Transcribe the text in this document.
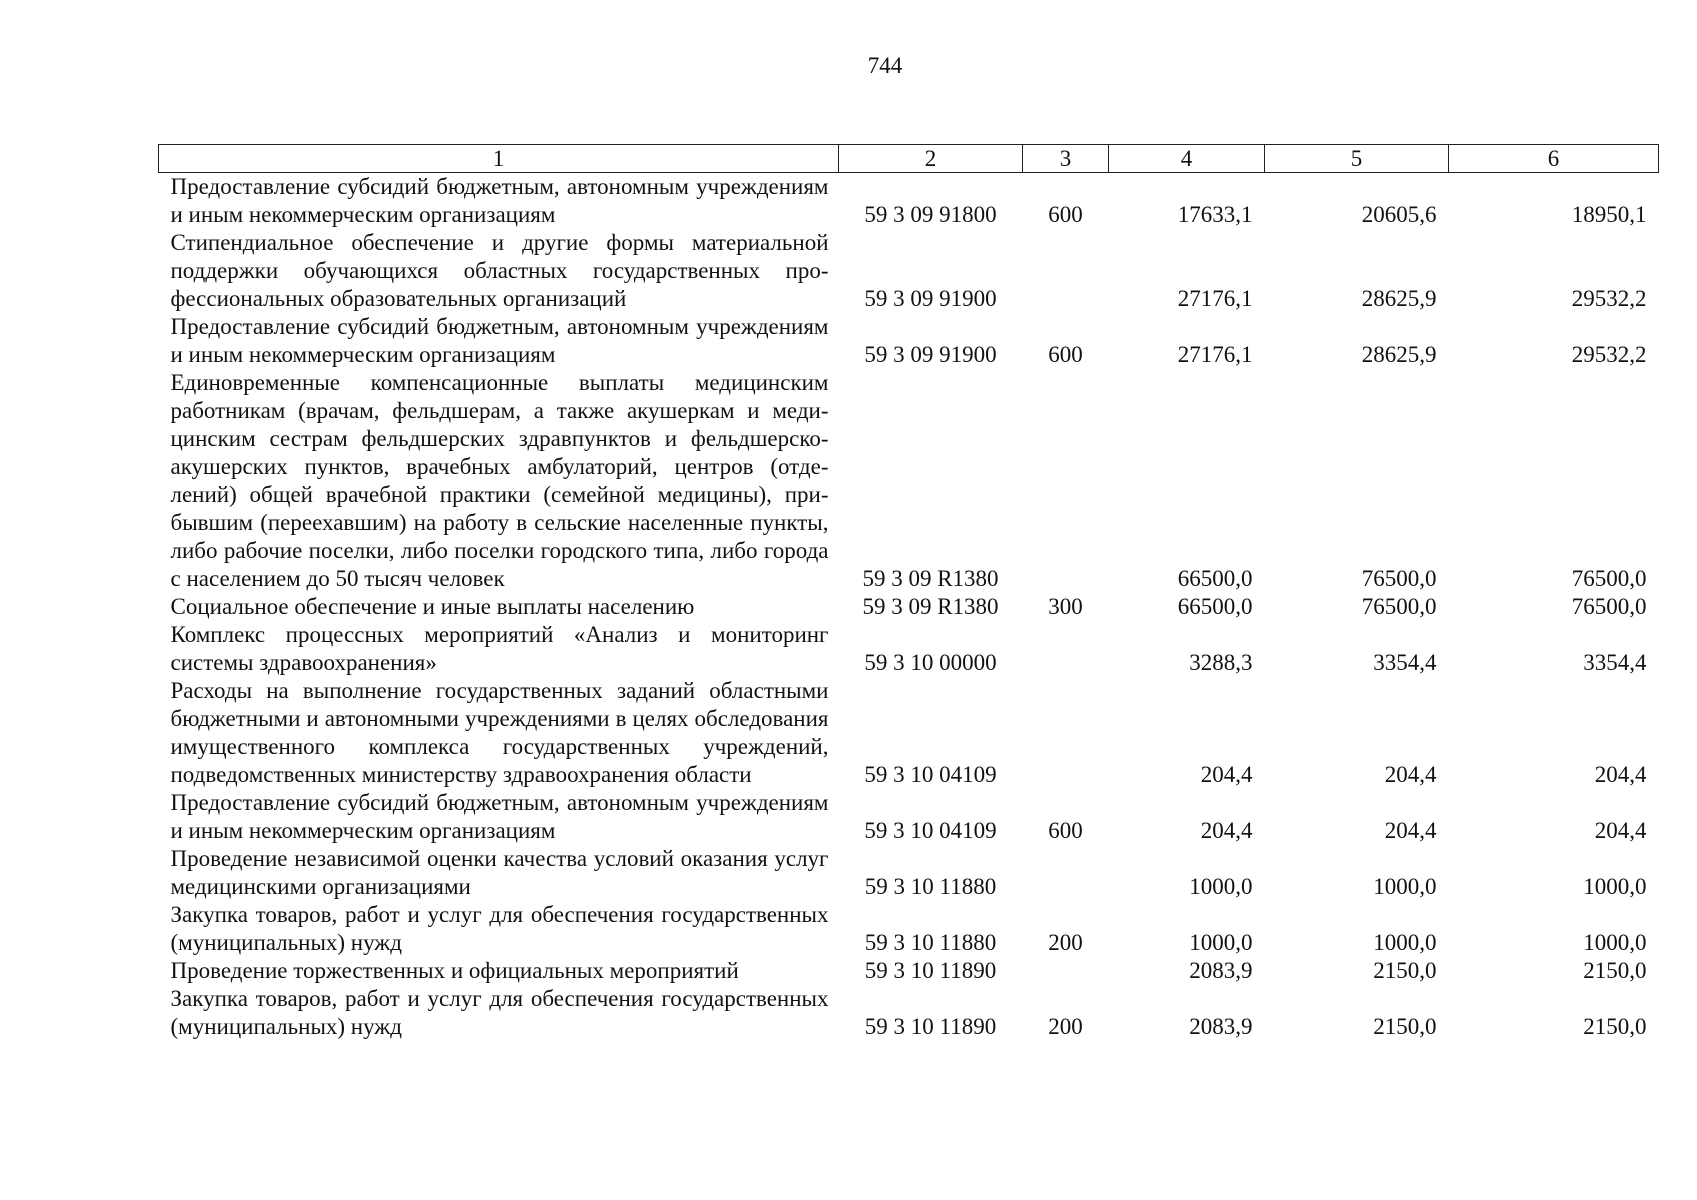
744
1	2	3	4	5	6
Предоставление субсидий бюджетным, автономным учреждениям и иным некоммерческим организациям	59 3 09 91800	600	17633,1	20605,6	18950,1
Стипендиальное обеспечение и другие формы материальной поддержки обучающихся областных государственных профессиональных образовательных организаций	59 3 09 91900		27176,1	28625,9	29532,2
Предоставление субсидий бюджетным, автономным учреждениям и иным некоммерческим организациям	59 3 09 91900	600	27176,1	28625,9	29532,2
Единовременные компенсационные выплаты медицинским работникам (врачам, фельдшерам, а также акушеркам и медицинским сестрам фельдшерских здравпунктов и фельдшерско-акушерских пунктов, врачебных амбулаторий, центров (отделений) общей врачебной практики (семейной медицины), прибывшим (переехавшим) на работу в сельские населенные пункты, либо рабочие поселки, либо поселки городского типа, либо города с населением до 50 тысяч человек	59 3 09 R1380		66500,0	76500,0	76500,0
Социальное обеспечение и иные выплаты населению	59 3 09 R1380	300	66500,0	76500,0	76500,0
Комплекс процессных мероприятий «Анализ и мониторинг системы здравоохранения»	59 3 10 00000		3288,3	3354,4	3354,4
Расходы на выполнение государственных заданий областными бюджетными и автономными учреждениями в целях обследования имущественного комплекса государственных учреждений, подведомственных министерству здравоохранения области	59 3 10 04109		204,4	204,4	204,4
Предоставление субсидий бюджетным, автономным учреждениям и иным некоммерческим организациям	59 3 10 04109	600	204,4	204,4	204,4
Проведение независимой оценки качества условий оказания услуг медицинскими организациями	59 3 10 11880		1000,0	1000,0	1000,0
Закупка товаров, работ и услуг для обеспечения государственных (муниципальных) нужд	59 3 10 11880	200	1000,0	1000,0	1000,0
Проведение торжественных и официальных мероприятий	59 3 10 11890		2083,9	2150,0	2150,0
Закупка товаров, работ и услуг для обеспечения государственных (муниципальных) нужд	59 3 10 11890	200	2083,9	2150,0	2150,0
